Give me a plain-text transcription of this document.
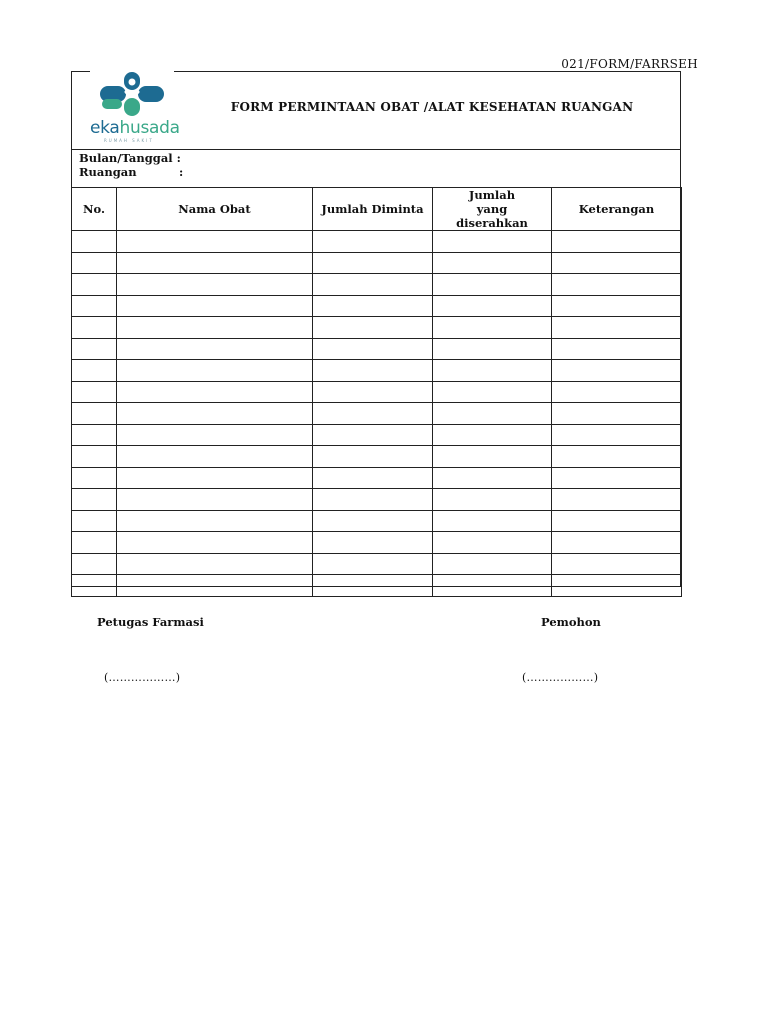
021/FORM/FARRSEH
ekahusada
RUMAH SAKIT
FORM PERMINTAAN OBAT /ALAT KESEHATAN RUANGAN
Bulan/Tanggal :
Ruangan	:
No.	Nama Obat	Jumlah Diminta	Jumlah yang diserahkan	Keterangan

Petugas Farmasi	Pemohon
(………………)	(………………)
